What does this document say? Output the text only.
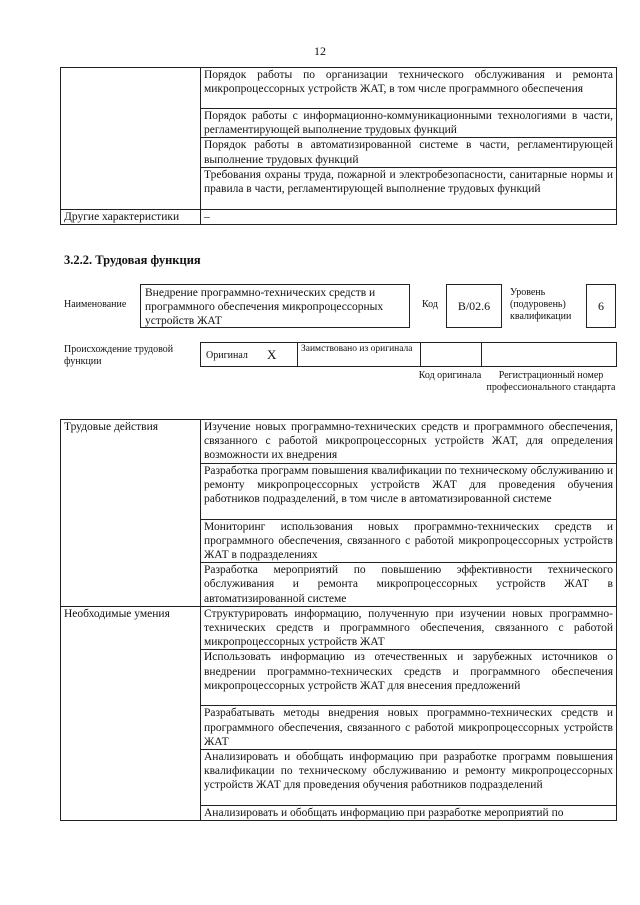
12
	Порядок работы по организации технического обслуживания и ремонта микропроцессорных устройств ЖАТ, в том числе программного обеспечения
	Порядок работы с информационно-коммуникационными технологиями в части, регламентирующей выполнение трудовых функций
	Порядок работы в автоматизированной системе в части, регламентирующей выполнение трудовых функций
	Требования охраны труда, пожарной и электробезопасности, санитарные нормы и правила в части, регламентирующей выполнение трудовых функций
Другие характеристики	–
3.2.2. Трудовая функция
Наименование
Внедрение программно-технических средств и программного обеспечения микропроцессорных устройств ЖАТ
Код	B/02.6
Уровень (подуровень) квалификации
6
Происхождение трудовой функции
Оригинал X	Заимствовано из оригинала
Код оригинала	Регистрационный номер профессионального стандарта
Трудовые действия	Изучение новых программно-технических средств и программного обеспечения, связанного с работой микропроцессорных устройств ЖАТ, для определения возможности их внедрения
	Разработка программ повышения квалификации по техническому обслуживанию и ремонту микропроцессорных устройств ЖАТ для проведения обучения работников подразделений, в том числе в автоматизированной системе
	Мониторинг использования новых программно-технических средств и программного обеспечения, связанного с работой микропроцессорных устройств ЖАТ в подразделениях
	Разработка мероприятий по повышению эффективности технического обслуживания и ремонта микропроцессорных устройств ЖАТ в автоматизированной системе
Необходимые умения	Структурировать информацию, полученную при изучении новых программно-технических средств и программного обеспечения, связанного с работой микропроцессорных устройств ЖАТ
	Использовать информацию из отечественных и зарубежных источников о внедрении программно-технических средств и программного обеспечения микропроцессорных устройств ЖАТ для внесения предложений
	Разрабатывать методы внедрения новых программно-технических средств и программного обеспечения, связанного с работой микропроцессорных устройств ЖАТ
	Анализировать и обобщать информацию при разработке программ повышения квалификации по техническому обслуживанию и ремонту микропроцессорных устройств ЖАТ для проведения обучения работников подразделений
	Анализировать и обобщать информацию при разработке мероприятий по
